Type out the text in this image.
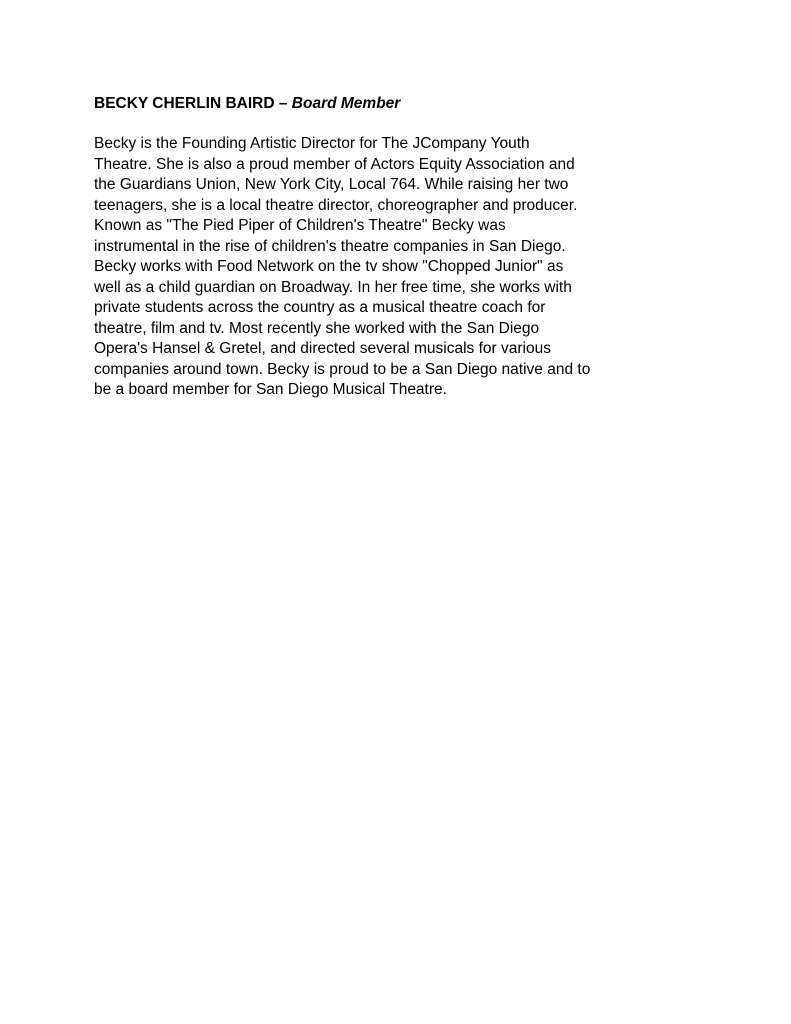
BECKY CHERLIN BAIRD – Board Member

Becky is the Founding Artistic Director for The JCompany Youth
Theatre. She is also a proud member of Actors Equity Association and
the Guardians Union, New York City, Local 764. While raising her two
teenagers, she is a local theatre director, choreographer and producer.
Known as "The Pied Piper of Children's Theatre" Becky was
instrumental in the rise of children's theatre companies in San Diego.
Becky works with Food Network on the tv show "Chopped Junior" as
well as a child guardian on Broadway. In her free time, she works with
private students across the country as a musical theatre coach for
theatre, film and tv. Most recently she worked with the San Diego
Opera's Hansel & Gretel, and directed several musicals for various
companies around town. Becky is proud to be a San Diego native and to
be a board member for San Diego Musical Theatre.
